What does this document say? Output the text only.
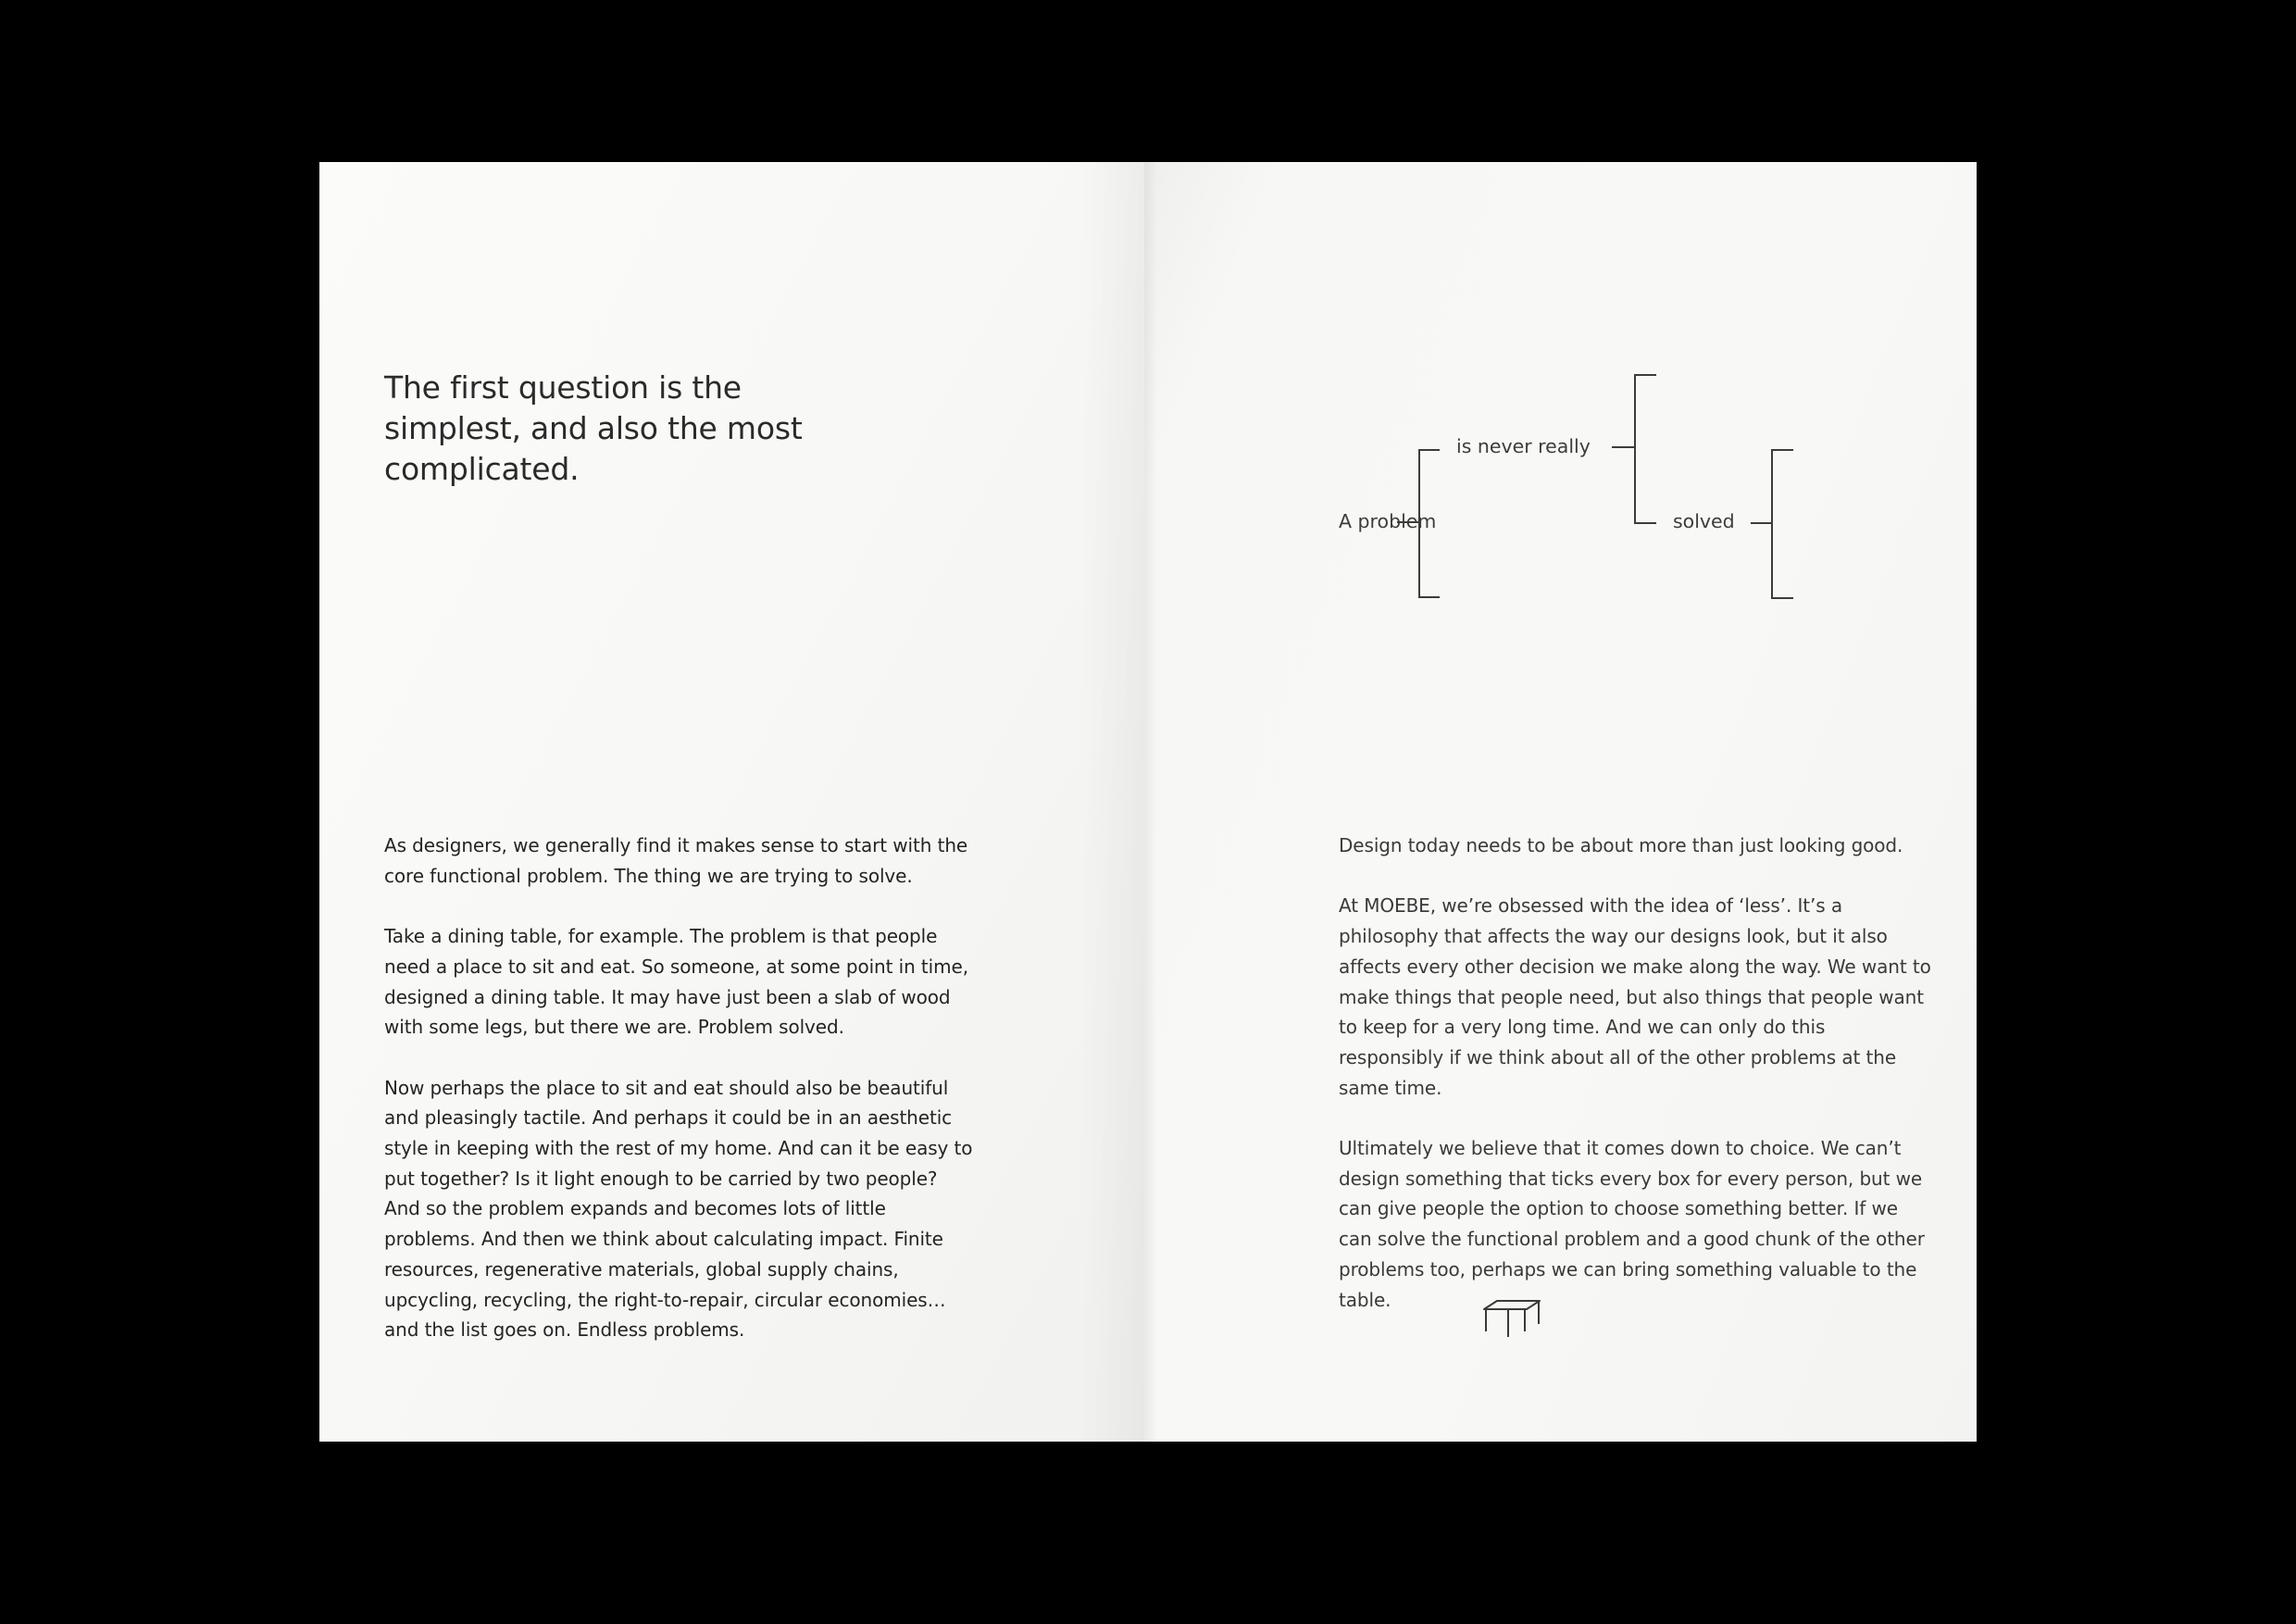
The first question is the simplest, and also the most complicated.

As designers, we generally find it makes sense to start with the core functional problem. The thing we are trying to solve.

Take a dining table, for example. The problem is that people need a place to sit and eat. So someone, at some point in time, designed a dining table. It may have just been a slab of wood with some legs, but there we are. Problem solved.

Now perhaps the place to sit and eat should also be beautiful and pleasingly tactile. And perhaps it could be in an aesthetic style in keeping with the rest of my home. And can it be easy to put together? Is it light enough to be carried by two people? And so the problem expands and becomes lots of little problems. And then we think about calculating impact. Finite resources, regenerative materials, global supply chains, upcycling, recycling, the right-to-repair, circular economies… and the list goes on. Endless problems.

A problem
is never really
solved

Design today needs to be about more than just looking good.

At MOEBE, we’re obsessed with the idea of ‘less’. It’s a philosophy that affects the way our designs look, but it also affects every other decision we make along the way. We want to make things that people need, but also things that people want to keep for a very long time. And we can only do this responsibly if we think about all of the other problems at the same time.

Ultimately we believe that it comes down to choice. We can’t design something that ticks every box for every person, but we can give people the option to choose something better. If we can solve the functional problem and a good chunk of the other problems too, perhaps we can bring something valuable to the table.
